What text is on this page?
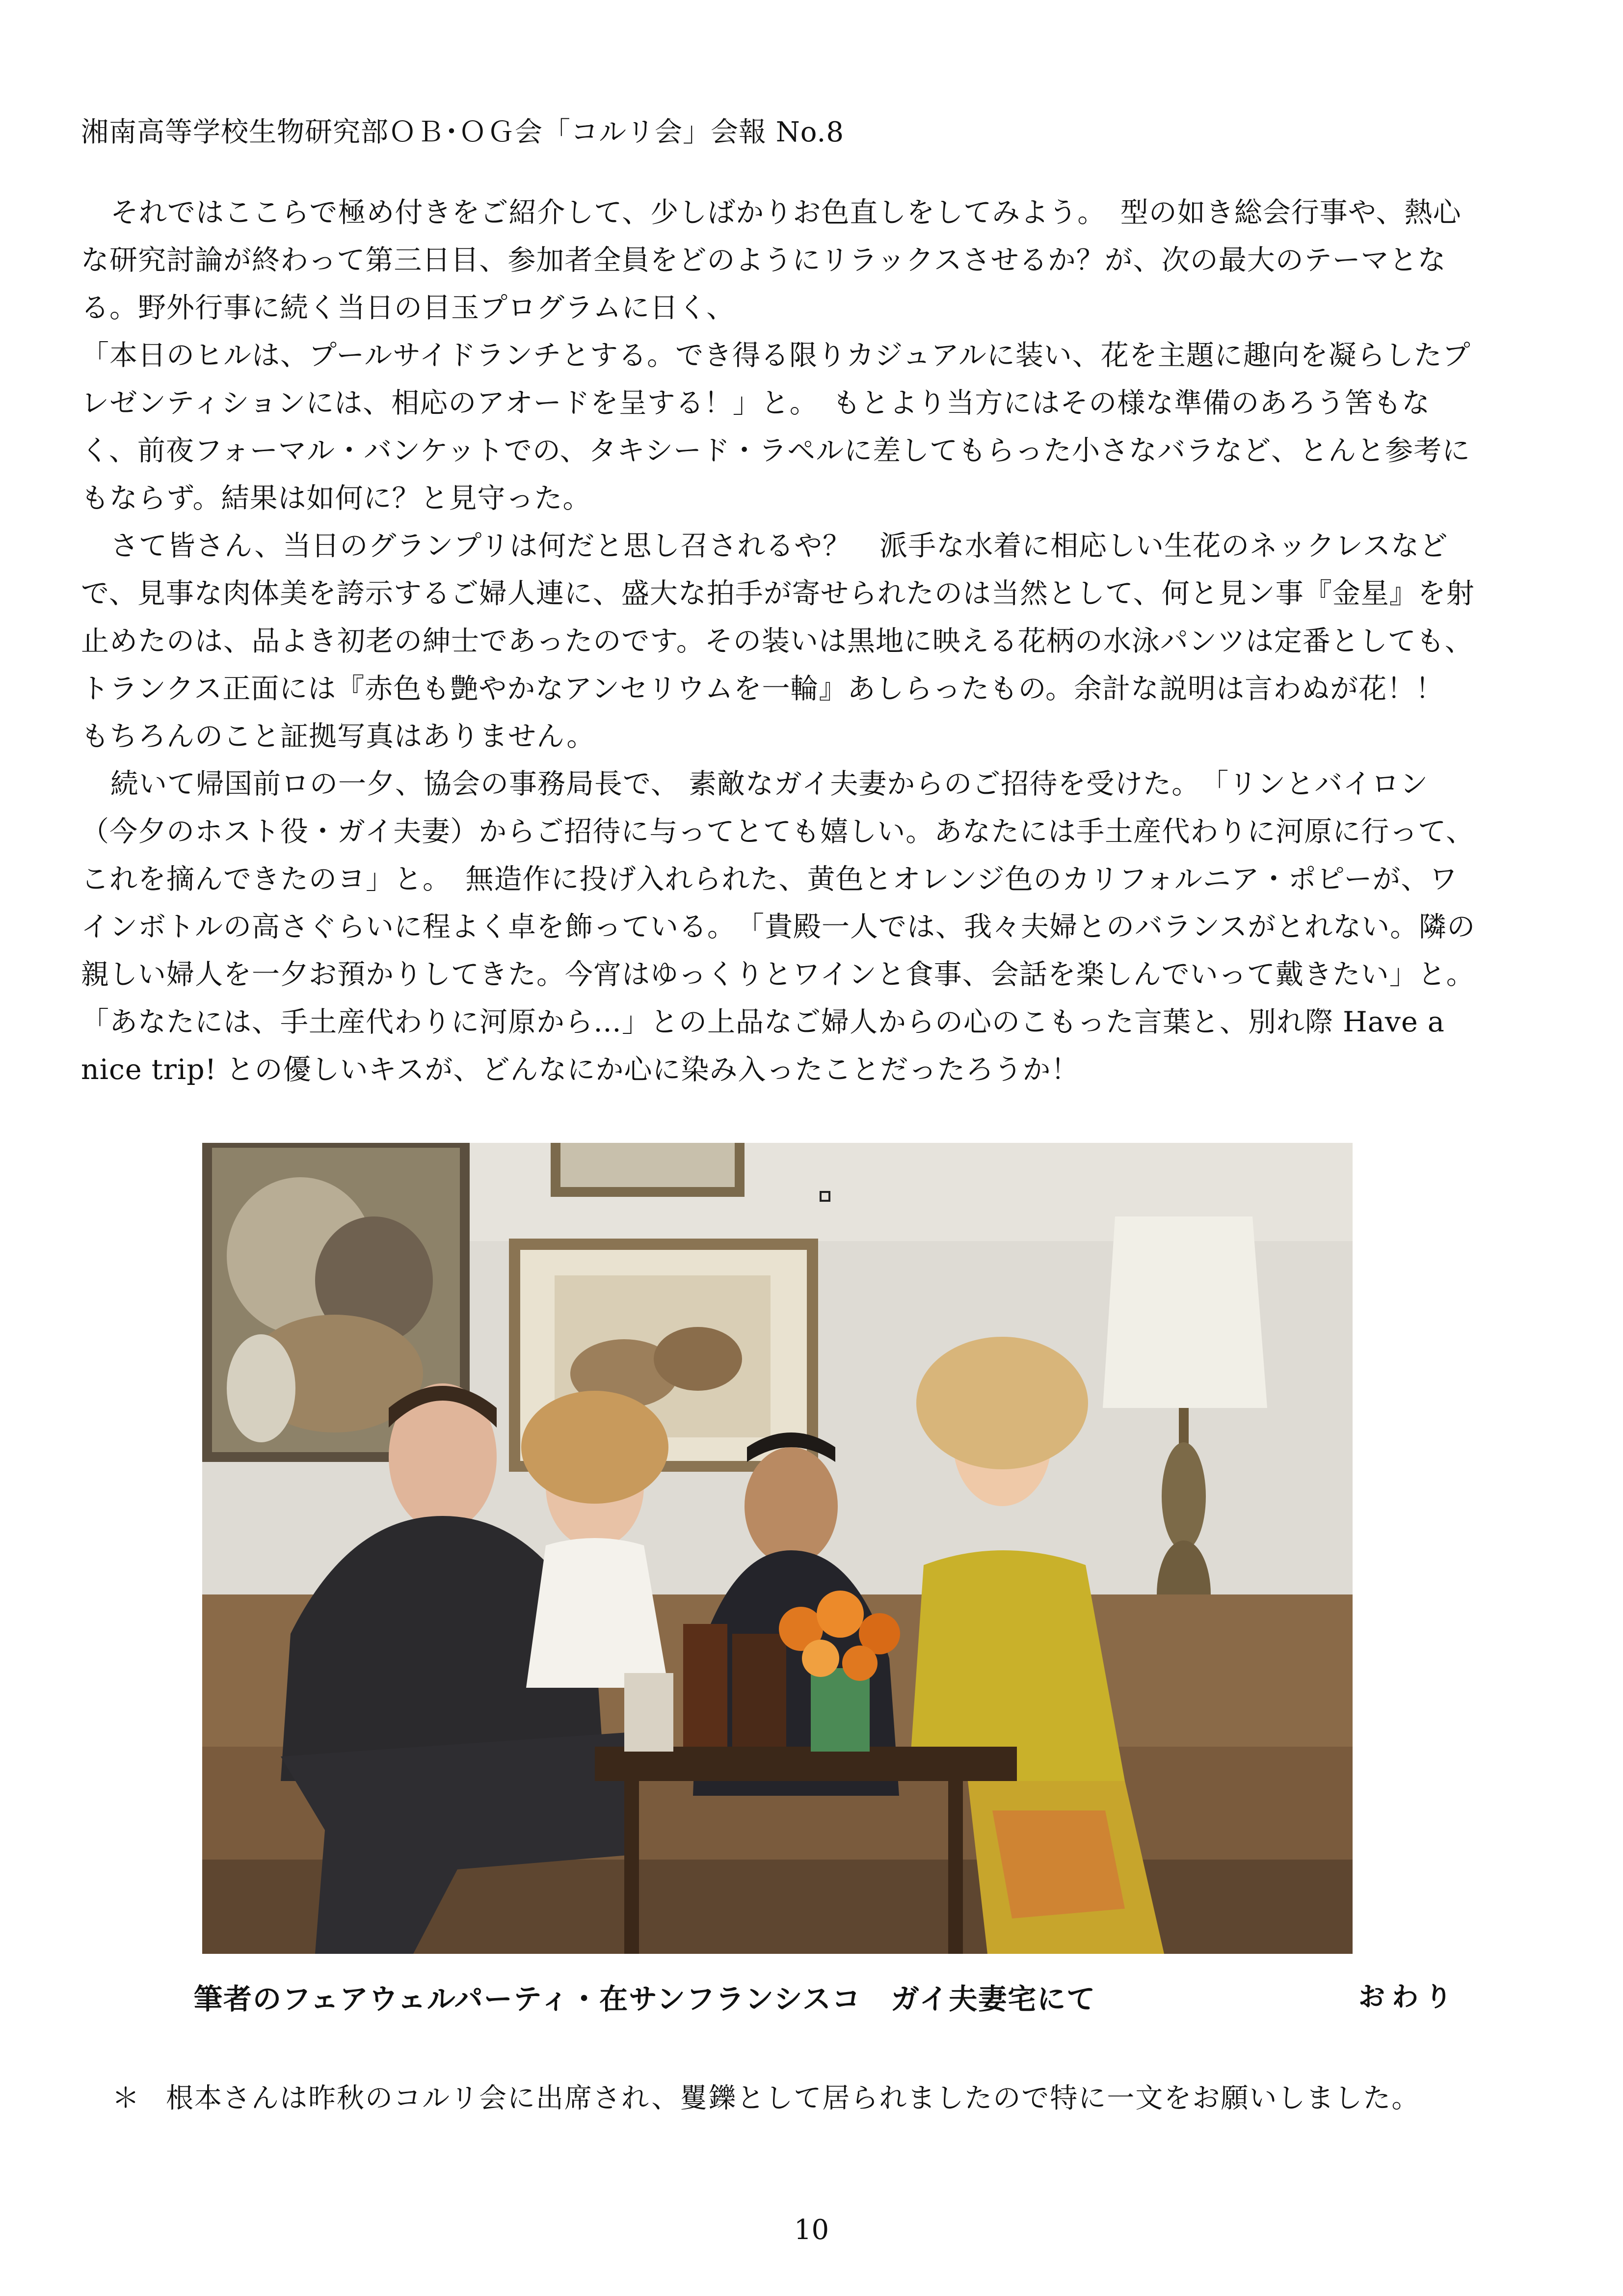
湘南高等学校生物研究部ＯＢ･ＯＧ会「コルリ会」会報 No.8

それではここらで極め付きをご紹介して、少しばかりお色直しをしてみよう。　型の如き総会行事や、熱心な研究討論が終わって第三日目、参加者全員をどのようにリラックスさせるか？が、次の最大のテーマとなる。野外行事に続く当日の目玉プログラムに日く、

「本日のヒルは、プールサイドランチとする。でき得る限りカジュアルに装い、花を主題に趣向を凝らしたプレゼンティションには、相応のアオードを呈する！」と。　もとより当方にはその様な準備のあろう筈もなく、前夜フォーマル・バンケットでの、タキシード・ラペルに差してもらった小さなバラなど、とんと参考にもならず。結果は如何に？と見守った。

さて皆さん、当日のグランプリは何だと思し召されるや？　派手な水着に相応しい生花のネックレスなどで、見事な肉体美を誇示するご婦人連に、盛大な拍手が寄せられたのは当然として、何と見ン事『金星』を射止めたのは、品よき初老の紳士であったのです。その装いは黒地に映える花柄の水泳パンツは定番としても、トランクス正面には『赤色も艶やかなアンセリウムを一輪』あしらったもの。余計な説明は言わぬが花！！　もちろんのこと証拠写真はありません。

続いて帰国前ロの一夕、協会の事務局長で、 素敵なガイ夫妻からのご招待を受けた。　「リンとバイロン（今夕のホスト役・ガイ夫妻）からご招待に与ってとても嬉しい。あなたには手土産代わりに河原に行って、これを摘んできたのヨ」と。　無造作に投げ入れられた、黄色とオレンジ色のカリフォルニア・ポピーが、ワインボトルの高さぐらいに程よく卓を飾っている。　「貴殿一人では、我々夫婦とのバランスがとれない。隣の親しい婦人を一夕お預かりしてきた。今宵はゆっくりとワインと食事、会話を楽しんでいって戴きたい」と。

「あなたには、手土産代わりに河原から…」との上品なご婦人からの心のこもった言葉と、別れ際 Have a nice trip! との優しいキスが、どんなにか心に染み入ったことだったろうか！

筆者のフェアウェルパーティ・在サンフランシスコ　ガイ夫妻宅にて	おわり
＊ 根本さんは昨秋のコルリ会に出席され、矍鑠として居られましたので特に一文をお願いしました。
10
